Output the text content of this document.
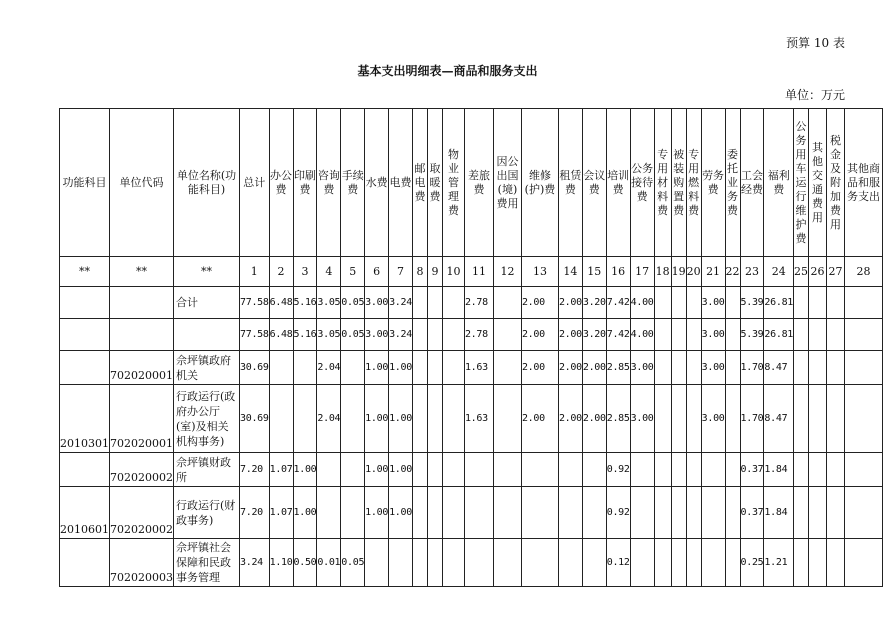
预算 10 表
基本支出明细表—商品和服务支出
单位：万元
功能科目	单位代码	单位名称(功能科目)	总计	办公费	印刷费	咨询费	手续费	水费	电费	邮电费	取暖费	物业管理费	差旅费	因公出国(境)费用	维修(护)费	租赁费	会议费	培训费	公务接待费	专用材料费	被装购置费	专用燃料费	劳务费	委托业务费	工会经费	福利费	公务用车运行维护费	其他交通费用	税金及附加费用	其他商品和服务支出
**	**	**	1	2	3	4	5	6	7	8	9	10	11	12	13	14	15	16	17	18	19	20	21	22	23	24	25	26	27	28
		合计	77.58	6.48	5.16	3.05	0.05	3.00	3.24				2.78		2.00	2.00	3.20	7.42	4.00				3.00		5.39	26.81				
			77.58	6.48	5.16	3.05	0.05	3.00	3.24				2.78		2.00	2.00	3.20	7.42	4.00				3.00		5.39	26.81				
	702020001	佘坪镇政府机关	30.69			2.04		1.00	1.00				1.63		2.00	2.00	2.00	2.85	3.00				3.00		1.70	8.47				
2010301	702020001	行政运行(政府办公厅(室)及相关机构事务)	30.69			2.04		1.00	1.00				1.63		2.00	2.00	2.00	2.85	3.00				3.00		1.70	8.47				
	702020002	佘坪镇财政所	7.20	1.07	1.00			1.00	1.00									0.92							0.37	1.84				
2010601	702020002	行政运行(财政事务)	7.20	1.07	1.00			1.00	1.00									0.92							0.37	1.84				
	702020003	佘坪镇社会保障和民政事务管理	3.24	1.10	0.50	0.01	0.05											0.12							0.25	1.21				
